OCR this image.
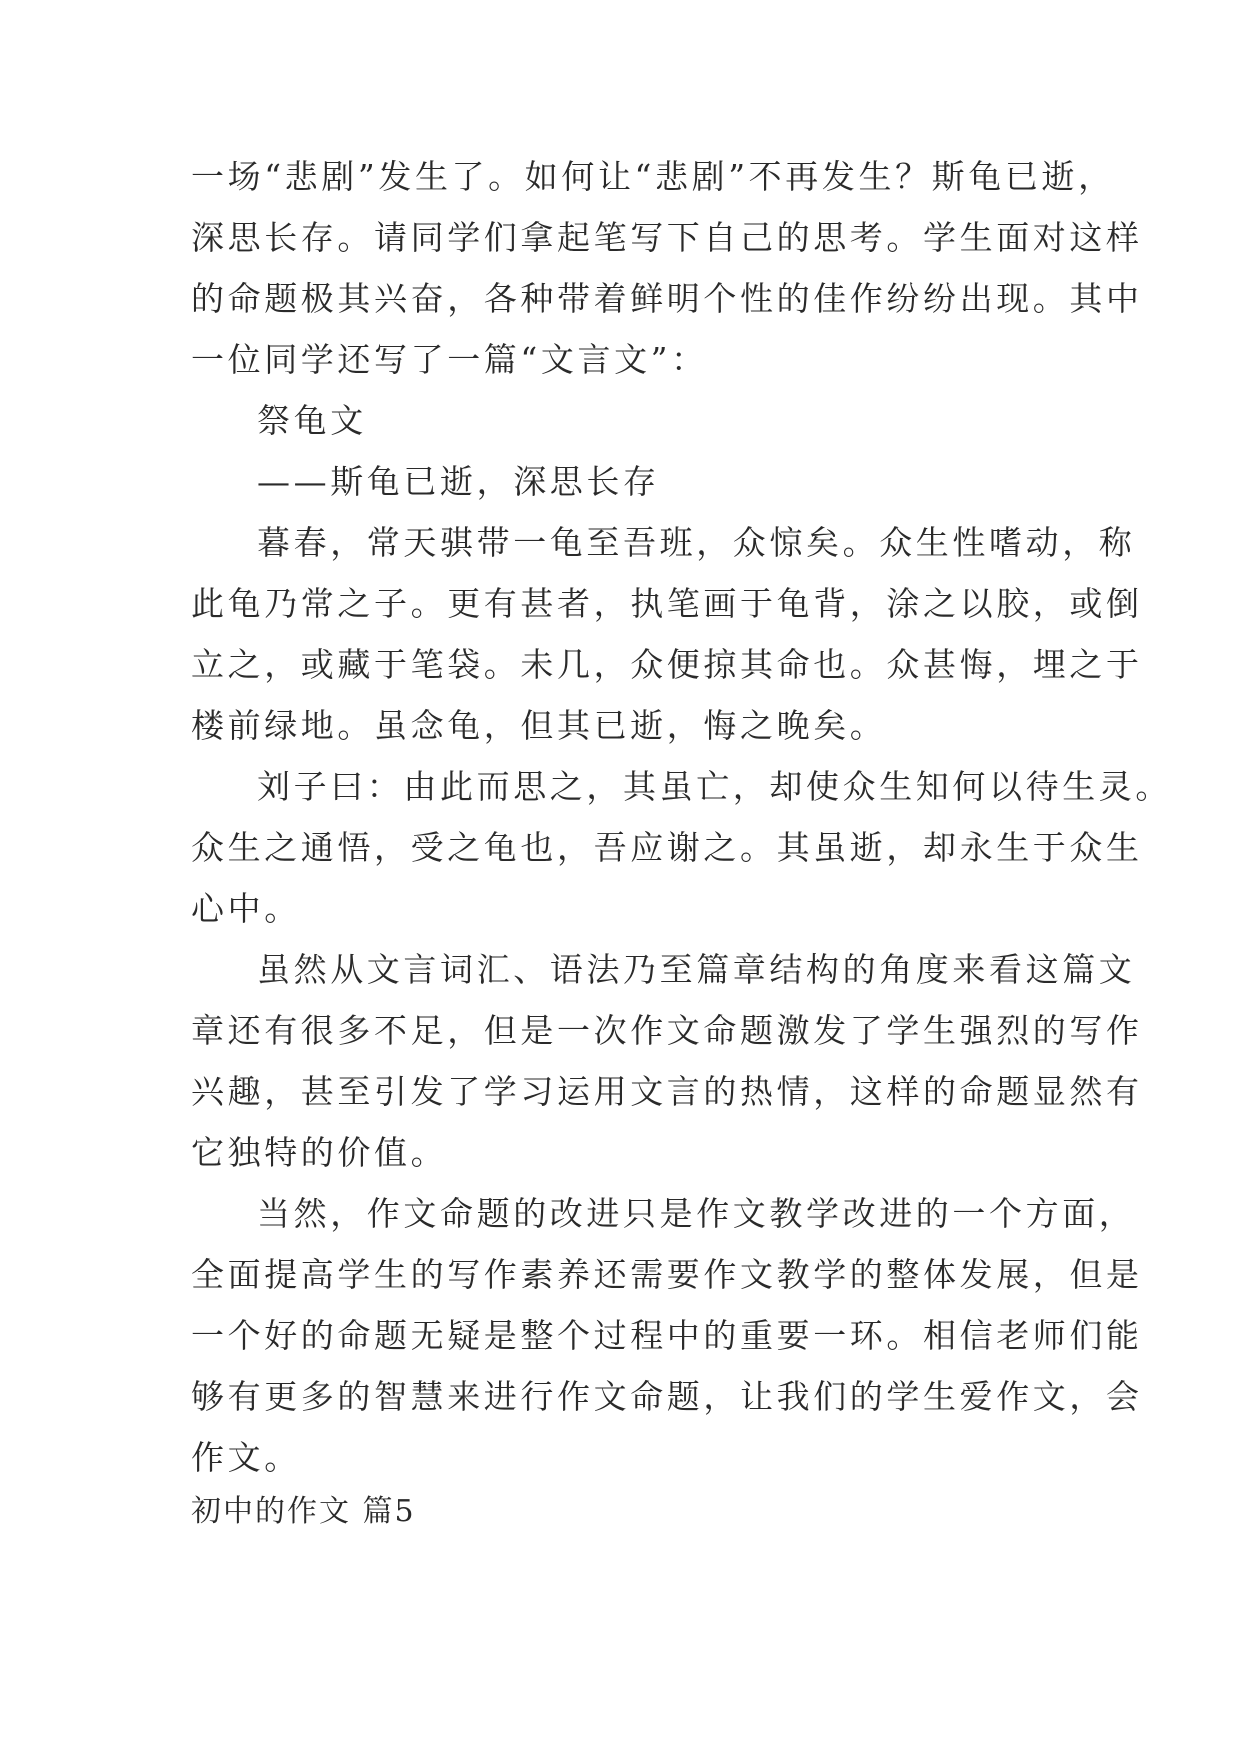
一场“悲剧”发生了。如何让“悲剧”不再发生？斯龟已逝，
深思长存。请同学们拿起笔写下自己的思考。学生面对这样
的命题极其兴奋，各种带着鲜明个性的佳作纷纷出现。其中
一位同学还写了一篇“文言文”：
祭龟文
——斯龟已逝，深思长存
暮春，常天骐带一龟至吾班，众惊矣。众生性嗜动，称
此龟乃常之子。更有甚者，执笔画于龟背，涂之以胶，或倒
立之，或藏于笔袋。未几，众便掠其命也。众甚悔，埋之于
楼前绿地。虽念龟，但其已逝，悔之晚矣。
刘子曰：由此而思之，其虽亡，却使众生知何以待生灵。
众生之通悟，受之龟也，吾应谢之。其虽逝，却永生于众生
心中。
虽然从文言词汇、语法乃至篇章结构的角度来看这篇文
章还有很多不足，但是一次作文命题激发了学生强烈的写作
兴趣，甚至引发了学习运用文言的热情，这样的命题显然有
它独特的价值。
当然，作文命题的改进只是作文教学改进的一个方面，
全面提高学生的写作素养还需要作文教学的整体发展，但是
一个好的命题无疑是整个过程中的重要一环。相信老师们能
够有更多的智慧来进行作文命题，让我们的学生爱作文，会
作文。
初中的作文 篇5
